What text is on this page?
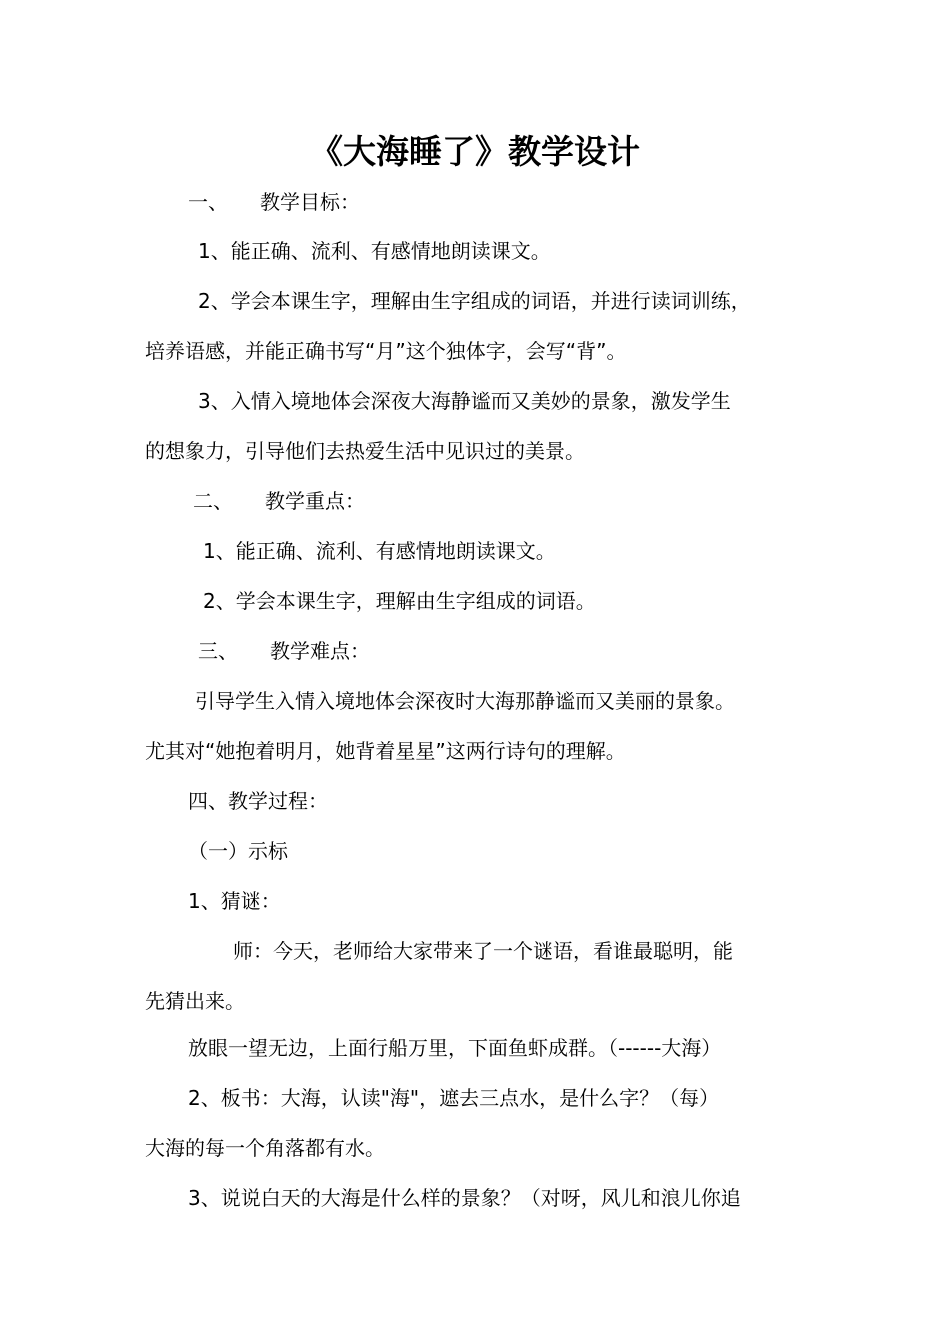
《大海睡了》教学设计

一、 教学目标：

1、能正确、流利、有感情地朗读课文。

2、学会本课生字，理解由生字组成的词语，并进行读词训练，

培养语感，并能正确书写“月”这个独体字，会写“背”。

3、入情入境地体会深夜大海静谧而又美妙的景象，激发学生

的想象力，引导他们去热爱生活中见识过的美景。

二、 教学重点：

1、能正确、流利、有感情地朗读课文。

2、学会本课生字，理解由生字组成的词语。

三、 教学难点：

引导学生入情入境地体会深夜时大海那静谧而又美丽的景象。

尤其对“她抱着明月，她背着星星”这两行诗句的理解。

四、教学过程：

（一）示标

1、猜谜：

师：今天，老师给大家带来了一个谜语，看谁最聪明，能

先猜出来。

放眼一望无边，上面行船万里，下面鱼虾成群。（------大海）

2、板书：大海，认读"海"，遮去三点水，是什么字？（每）

大海的每一个角落都有水。

3、说说白天的大海是什么样的景象？（对呀，风儿和浪儿你追
